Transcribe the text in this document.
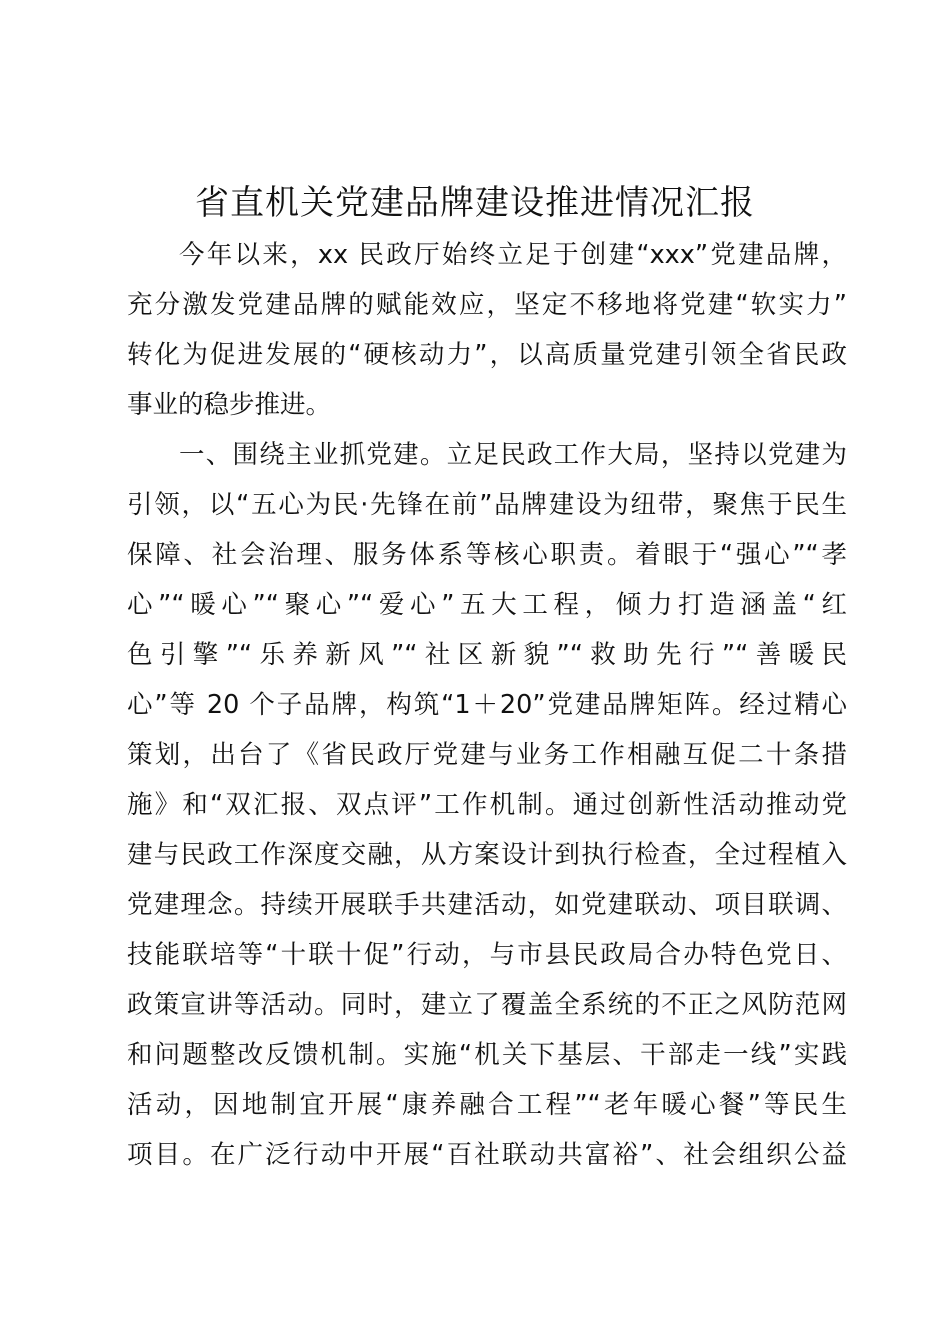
省直机关党建品牌建设推进情况汇报
今年以来，xx 民政厅始终立足于创建“xxx”党建品牌，
充分激发党建品牌的赋能效应，坚定不移地将党建“软实力”
转化为促进发展的“硬核动力”，以高质量党建引领全省民政
事业的稳步推进。
一、围绕主业抓党建。立足民政工作大局，坚持以党建为
引领，以“五心为民·先锋在前”品牌建设为纽带，聚焦于民生
保障、社会治理、服务体系等核心职责。着眼于“强心”“孝
心”“暖心”“聚心”“爱心”五大工程，倾力打造涵盖“红
色引擎”“乐养新风”“社区新貌”“救助先行”“善暖民
心”等 20 个子品牌，构筑“1＋20”党建品牌矩阵。经过精心
策划，出台了《省民政厅党建与业务工作相融互促二十条措
施》和“双汇报、双点评”工作机制。通过创新性活动推动党
建与民政工作深度交融，从方案设计到执行检查，全过程植入
党建理念。持续开展联手共建活动，如党建联动、项目联调、
技能联培等“十联十促”行动，与市县民政局合办特色党日、
政策宣讲等活动。同时，建立了覆盖全系统的不正之风防范网
和问题整改反馈机制。实施“机关下基层、干部走一线”实践
活动，因地制宜开展“康养融合工程”“老年暖心餐”等民生
项目。在广泛行动中开展“百社联动共富裕”、社会组织公益
